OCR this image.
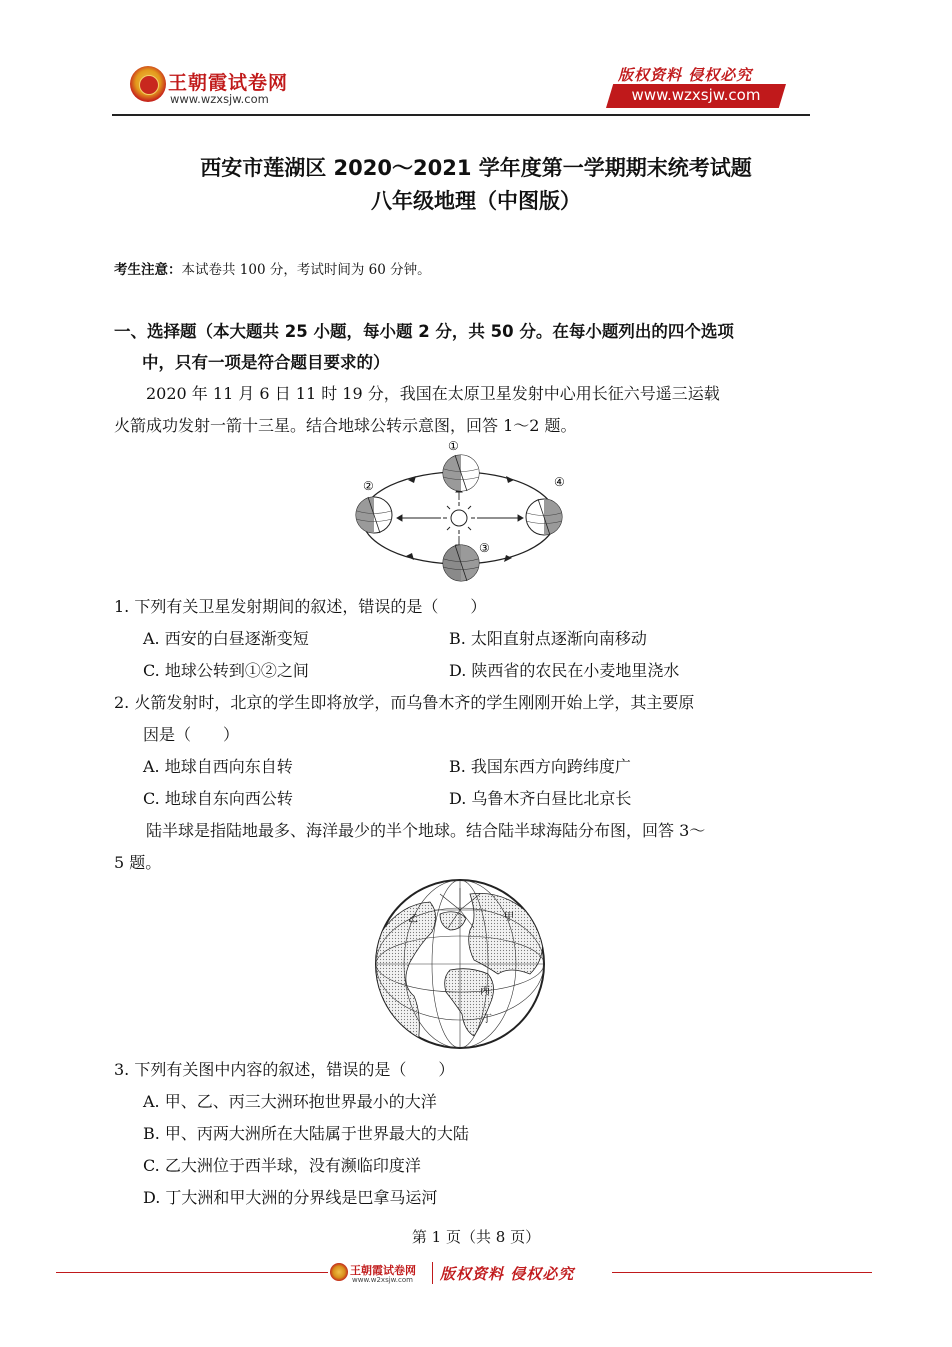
王朝霞试卷网
www.wzxsjw.com
版权资料 侵权必究
www.wzxsjw.com
西安市莲湖区 2020～2021 学年度第一学期期末统考试题
八年级地理（中图版）
考生注意：本试卷共 100 分，考试时间为 60 分钟。
一、选择题（本大题共 25 小题，每小题 2 分，共 50 分。在每小题列出的四个选项
中，只有一项是符合题目要求的）
2020 年 11 月 6 日 11 时 19 分，我国在太原卫星发射中心用长征六号遥三运载
火箭成功发射一箭十三星。结合地球公转示意图，回答 1～2 题。
①
②
③
④
1. 下列有关卫星发射期间的叙述，错误的是（　　）
A. 西安的白昼逐渐变短	B. 太阳直射点逐渐向南移动
C. 地球公转到①②之间	D. 陕西省的农民在小麦地里浇水
2. 火箭发射时，北京的学生即将放学，而乌鲁木齐的学生刚刚开始上学，其主要原
因是（　　）
A. 地球自西向东自转	B. 我国东西方向跨纬度广
C. 地球自东向西公转	D. 乌鲁木齐白昼比北京长
陆半球是指陆地最多、海洋最少的半个地球。结合陆半球海陆分布图，回答 3～
5 题。
乙	甲
丙
丁
3. 下列有关图中内容的叙述，错误的是（　　）
A. 甲、乙、丙三大洲环抱世界最小的大洋
B. 甲、丙两大洲所在大陆属于世界最大的大陆
C. 乙大洲位于西半球，没有濒临印度洋
D. 丁大洲和甲大洲的分界线是巴拿马运河
第 1 页（共 8 页）
王朝霞试卷网
www.w2xsjw.com 版权资料 侵权必究
